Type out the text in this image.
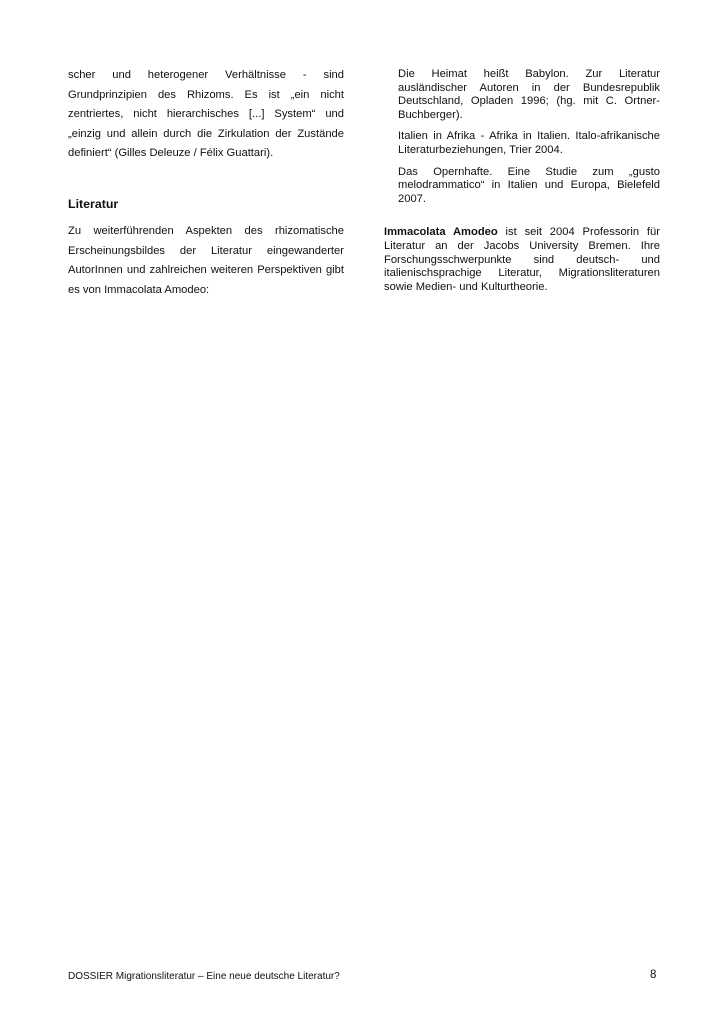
scher und heterogener Verhältnisse - sind Grundprinzipien des Rhizoms. Es ist „ein nicht zentriertes, nicht hierarchisches [...] System“ und „einzig und allein durch die Zirkulation der Zustände definiert“ (Gilles Deleuze / Félix Guattari).

Literatur

Zu weiterführenden Aspekten des rhizomatische Erscheinungsbildes der Literatur eingewanderter AutorInnen und zahlreichen weiteren Perspektiven gibt es von Immacolata Amodeo:

Die Heimat heißt Babylon. Zur Literatur ausländischer Autoren in der Bundesrepublik Deutschland, Opladen 1996; (hg. mit C. Ortner-Buchberger).

Italien in Afrika - Afrika in Italien. Italo-afrikanische Literaturbeziehungen, Trier 2004.

Das Opernhafte. Eine Studie zum „gusto melodrammatico“ in Italien und Europa, Bielefeld 2007.

Immacolata Amodeo ist seit 2004 Professorin für Literatur an der Jacobs University Bremen. Ihre Forschungsschwerpunkte sind deutsch- und italienischsprachige Literatur, Migrationsliteraturen sowie Medien- und Kulturtheorie.

DOSSIER Migrationsliteratur – Eine neue deutsche Literatur?	8
